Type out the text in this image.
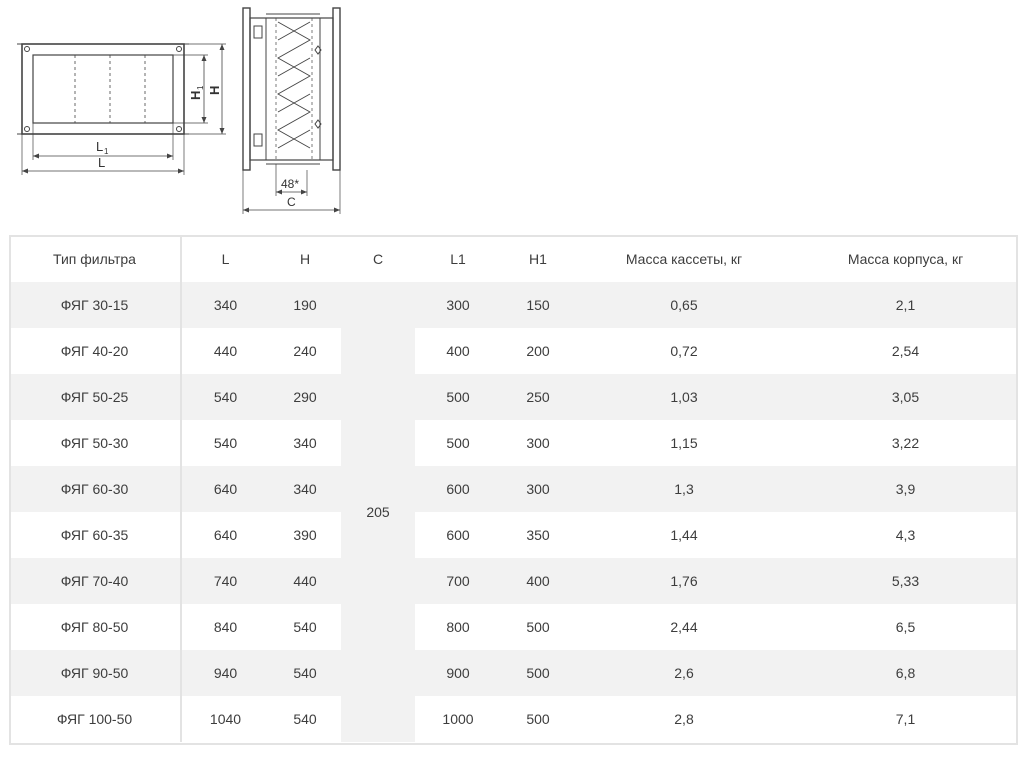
L 1
L
H
1 H
48*
C
Тип фильтра	L	H	C	L1	H1	Масса кассеты, кг	Масса корпуса, кг
ФЯГ 30-15	340	190	205	300	150	0,65	2,1
ФЯГ 40-20	440	240		400	200	0,72	2,54
ФЯГ 50-25	540	290		500	250	1,03	3,05
ФЯГ 50-30	540	340		500	300	1,15	3,22
ФЯГ 60-30	640	340		600	300	1,3	3,9
ФЯГ 60-35	640	390		600	350	1,44	4,3
ФЯГ 70-40	740	440		700	400	1,76	5,33
ФЯГ 80-50	840	540		800	500	2,44	6,5
ФЯГ 90-50	940	540		900	500	2,6	6,8
ФЯГ 100-50	1040	540		1000	500	2,8	7,1
